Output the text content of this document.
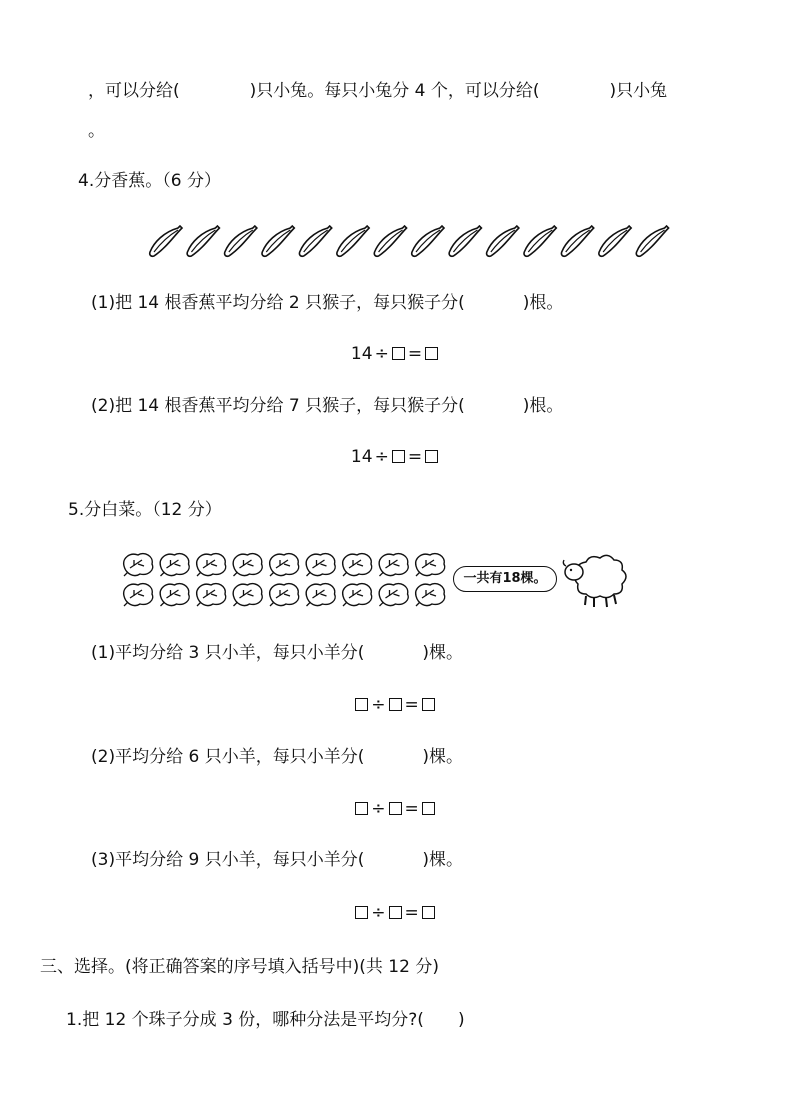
，可以分给(	)只小兔。每只小兔分 4 个，可以分给(	)只小兔
。
4.分香蕉。（6 分）
(1)把 14 根香蕉平均分给 2 只猴子，每只猴子分(	)根。
14 ÷ =
(2)把 14 根香蕉平均分给 7 只猴子，每只猴子分(	)根。
14 ÷ =
5.分白菜。（12 分）
一共有18棵。
(1)平均分给 3 只小羊，每只小羊分(	)棵。
÷ =
(2)平均分给 6 只小羊，每只小羊分(	)棵。
÷ =
(3)平均分给 9 只小羊，每只小羊分(	)棵。
÷ =
三、选择。(将正确答案的序号填入括号中)(共 12 分)
1.把 12 个珠子分成 3 份，哪种分法是平均分?( )
